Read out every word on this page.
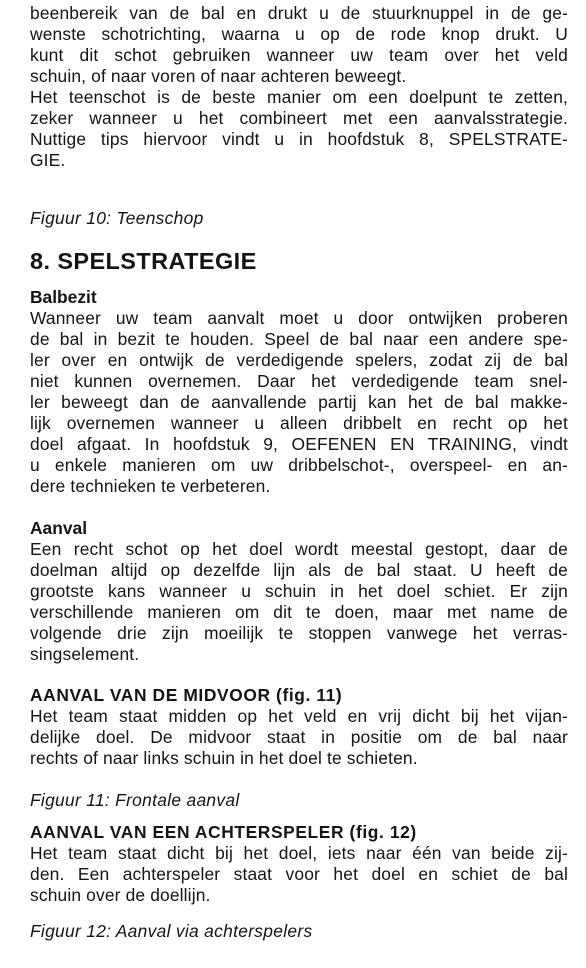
beenbereik van de bal en drukt u de stuurknuppel in de ge-
wenste schotrichting, waarna u op de rode knop drukt. U
kunt dit schot gebruiken wanneer uw team over het veld
schuin, of naar voren of naar achteren beweegt.
Het teenschot is de beste manier om een doelpunt te zetten,
zeker wanneer u het combineert met een aanvalsstrategie.
Nuttige tips hiervoor vindt u in hoofdstuk 8, SPELSTRATE-
GIE.

Figuur 10: Teenschop

8. SPELSTRATEGIE
Balbezit

Wanneer uw team aanvalt moet u door ontwijken proberen
de bal in bezit te houden. Speel de bal naar een andere spe-
ler over en ontwijk de verdedigende spelers, zodat zij de bal
niet kunnen overnemen. Daar het verdedigende team snel-
ler beweegt dan de aanvallende partij kan het de bal makke-
lijk overnemen wanneer u alleen dribbelt en recht op het
doel afgaat. In hoofdstuk 9, OEFENEN EN TRAINING, vindt
u enkele manieren om uw dribbelschot-, overspeel- en an-
dere technieken te verbeteren.

Aanval

Een recht schot op het doel wordt meestal gestopt, daar de
doelman altijd op dezelfde lijn als de bal staat. U heeft de
grootste kans wanneer u schuin in het doel schiet. Er zijn
verschillende manieren om dit te doen, maar met name de
volgende drie zijn moeilijk te stoppen vanwege het verras-
singselement.

AANVAL VAN DE MIDVOOR (fig. 11)

Het team staat midden op het veld en vrij dicht bij het vijan-
delijke doel. De midvoor staat in positie om de bal naar
rechts of naar links schuin in het doel te schieten.

Figuur 11: Frontale aanval

AANVAL VAN EEN ACHTERSPELER (fig. 12)

Het team staat dicht bij het doel, iets naar één van beide zij-
den. Een achterspeler staat voor het doel en schiet de bal
schuin over de doellijn.

Figuur 12: Aanval via achterspelers
